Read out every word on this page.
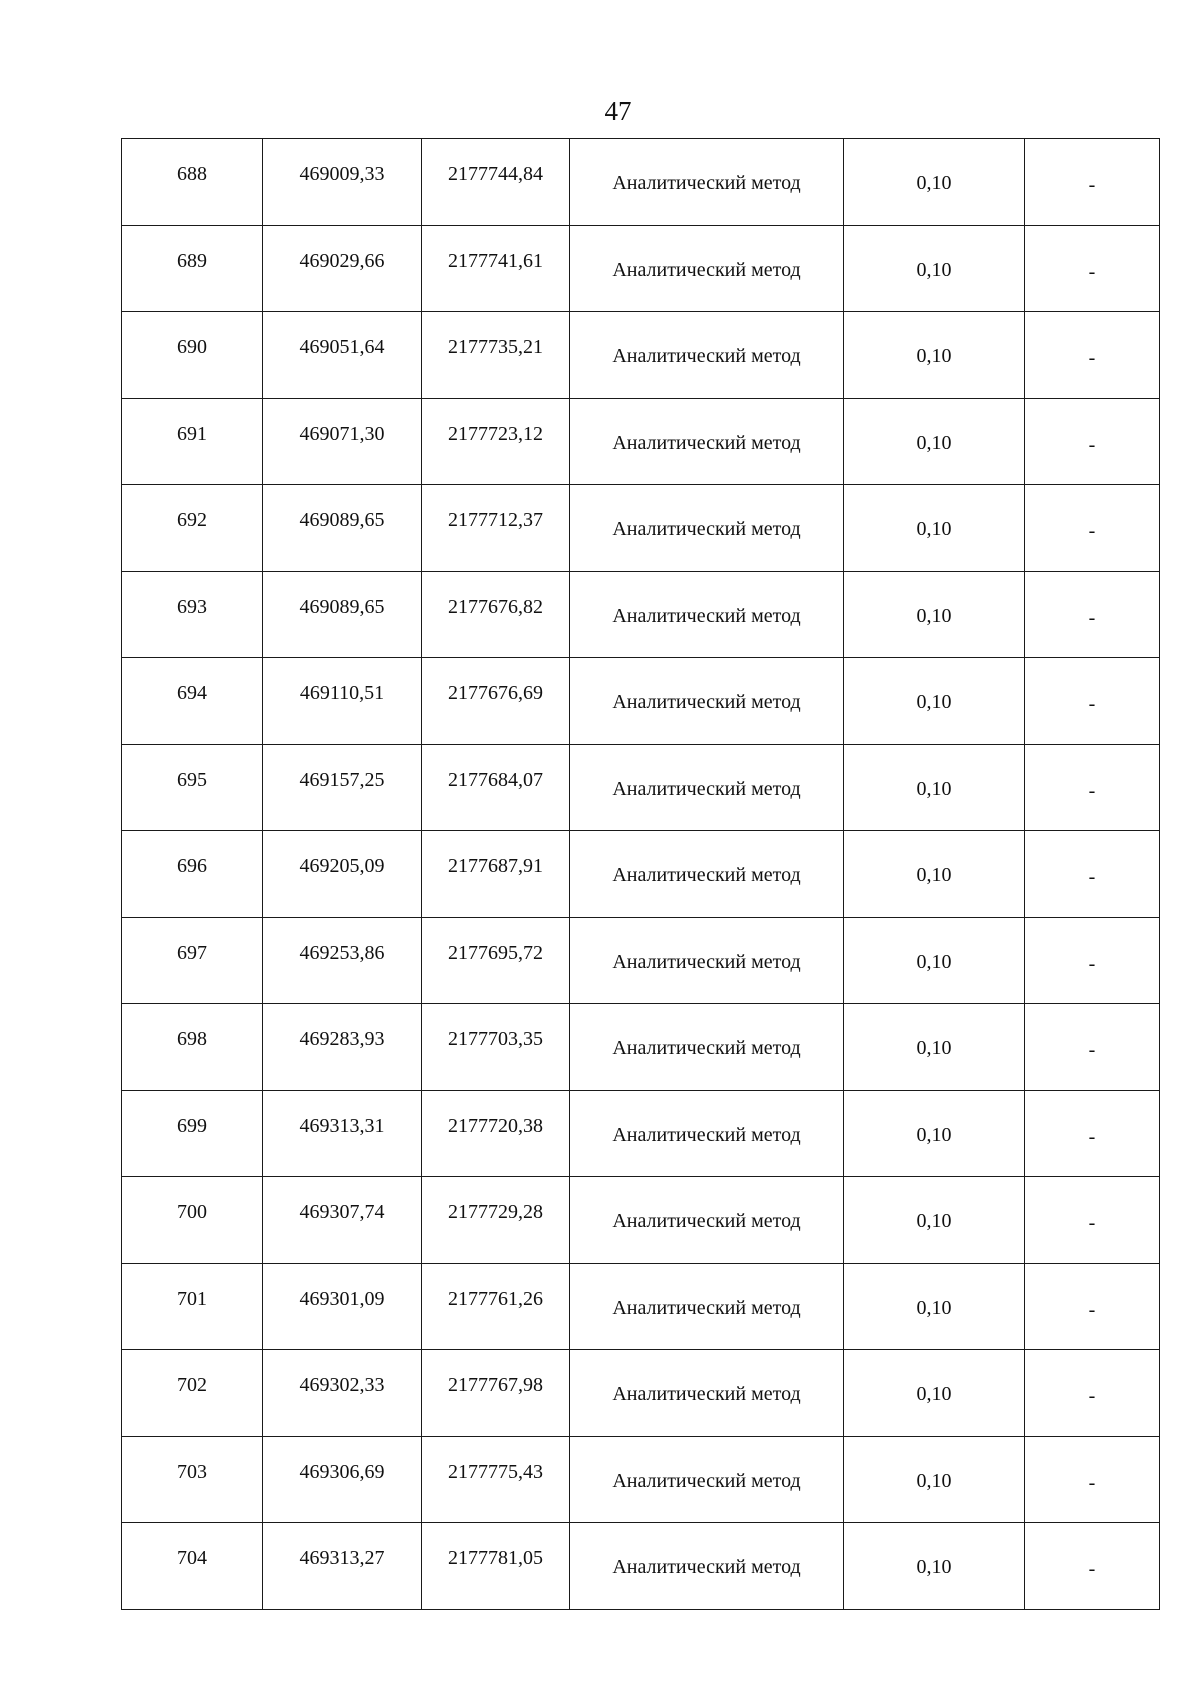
47
688	469009,33	2177744,84	Аналитический метод	0,10	-
689	469029,66	2177741,61	Аналитический метод	0,10	-
690	469051,64	2177735,21	Аналитический метод	0,10	-
691	469071,30	2177723,12	Аналитический метод	0,10	-
692	469089,65	2177712,37	Аналитический метод	0,10	-
693	469089,65	2177676,82	Аналитический метод	0,10	-
694	469110,51	2177676,69	Аналитический метод	0,10	-
695	469157,25	2177684,07	Аналитический метод	0,10	-
696	469205,09	2177687,91	Аналитический метод	0,10	-
697	469253,86	2177695,72	Аналитический метод	0,10	-
698	469283,93	2177703,35	Аналитический метод	0,10	-
699	469313,31	2177720,38	Аналитический метод	0,10	-
700	469307,74	2177729,28	Аналитический метод	0,10	-
701	469301,09	2177761,26	Аналитический метод	0,10	-
702	469302,33	2177767,98	Аналитический метод	0,10	-
703	469306,69	2177775,43	Аналитический метод	0,10	-
704	469313,27	2177781,05	Аналитический метод	0,10	-
